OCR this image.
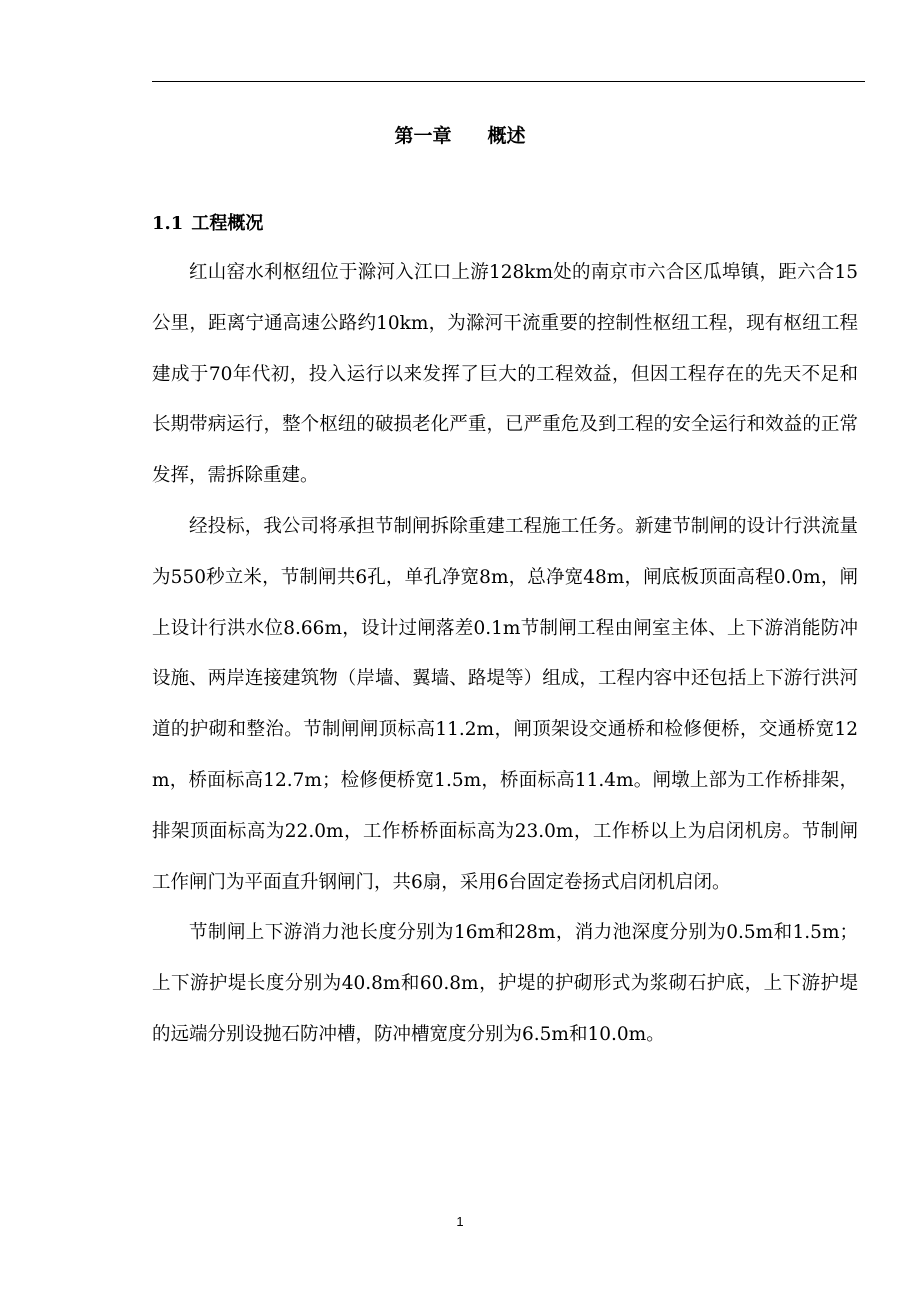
第一章 概述
1.1 工程概况

红山窑水利枢纽位于滁河入江口上游128km处的南京市六合区瓜埠镇，距六合15公里，距离宁通高速公路约10km，为滁河干流重要的控制性枢纽工程，现有枢纽工程建成于70年代初，投入运行以来发挥了巨大的工程效益，但因工程存在的先天不足和长期带病运行，整个枢纽的破损老化严重，已严重危及到工程的安全运行和效益的正常发挥，需拆除重建。

经投标，我公司将承担节制闸拆除重建工程施工任务。新建节制闸的设计行洪流量为550秒立米，节制闸共6孔，单孔净宽8m，总净宽48m，闸底板顶面高程0.0m，闸上设计行洪水位8.66m，设计过闸落差0.1m节制闸工程由闸室主体、上下游消能防冲设施、两岸连接建筑物（岸墙、翼墙、路堤等）组成，工程内容中还包括上下游行洪河道的护砌和整治。节制闸闸顶标高11.2m，闸顶架设交通桥和检修便桥，交通桥宽12m，桥面标高12.7m；检修便桥宽1.5m，桥面标高11.4m。闸墩上部为工作桥排架，排架顶面标高为22.0m，工作桥桥面标高为23.0m，工作桥以上为启闭机房。节制闸工作闸门为平面直升钢闸门，共6扇，采用6台固定卷扬式启闭机启闭。

节制闸上下游消力池长度分别为16m和28m，消力池深度分别为0.5m和1.5m；上下游护堤长度分别为40.8m和60.8m，护堤的护砌形式为浆砌石护底，上下游护堤的远端分别设抛石防冲槽，防冲槽宽度分别为6.5m和10.0m。

1
